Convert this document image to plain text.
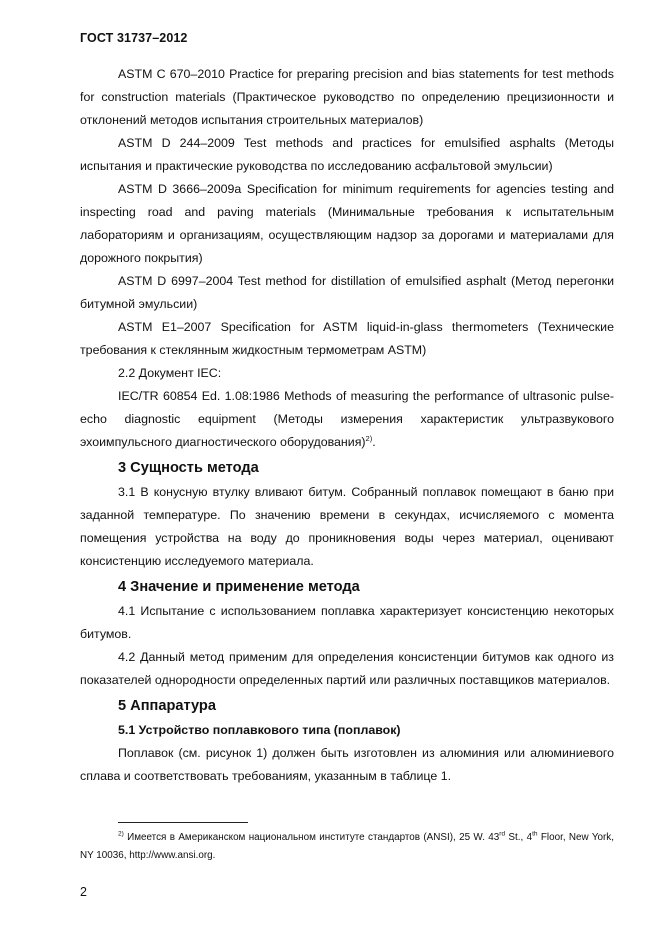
ГОСТ 31737–2012

ASTM C 670–2010 Practice for preparing precision and bias statements for test methods for construction materials (Практическое руководство по определению прецизионности и отклонений методов испытания строительных материалов)

ASTM D 244–2009 Test methods and practices for emulsified asphalts (Методы испытания и практические руководства по исследованию асфальтовой эмульсии)

ASTM D 3666–2009a Specification for minimum requirements for agencies testing and inspecting road and paving materials (Минимальные требования к испытательным лабораториям и организациям, осуществляющим надзор за дорогами и материалами для дорожного покрытия)

ASTM D 6997–2004 Test method for distillation of emulsified asphalt (Метод перегонки битумной эмульсии)

ASTM E1–2007 Specification for ASTM liquid-in-glass thermometers (Технические требования к стеклянным жидкостным термометрам ASTM)

2.2 Документ IEC:

IEC/TR 60854 Ed. 1.08:1986 Methods of measuring the performance of ultrasonic pulse-echo diagnostic equipment (Методы измерения характеристик ультразвукового эхоимпульсного диагностического оборудования)$^{2)}$.

3 Сущность метода

3.1 В конусную втулку вливают битум. Собранный поплавок помещают в баню при заданной температуре. По значению времени в секундах, исчисляемого с момента помещения устройства на воду до проникновения воды через материал, оценивают консистенцию исследуемого материала.

4 Значение и применение метода

4.1 Испытание с использованием поплавка характеризует консистенцию некоторых битумов.

4.2 Данный метод применим для определения консистенции битумов как одного из показателей однородности определенных партий или различных поставщиков материалов.

5 Аппаратура
5.1 Устройство поплавкового типа (поплавок)

Поплавок (см. рисунок 1) должен быть изготовлен из алюминия или алюминиевого сплава и соответствовать требованиям, указанным в таблице 1.

$^{2)}$ Имеется в Американском национальном институте стандартов (ANSI), 25 W. 43rd St., 4th Floor, New York, NY 10036, http://www.ansi.org.
2
